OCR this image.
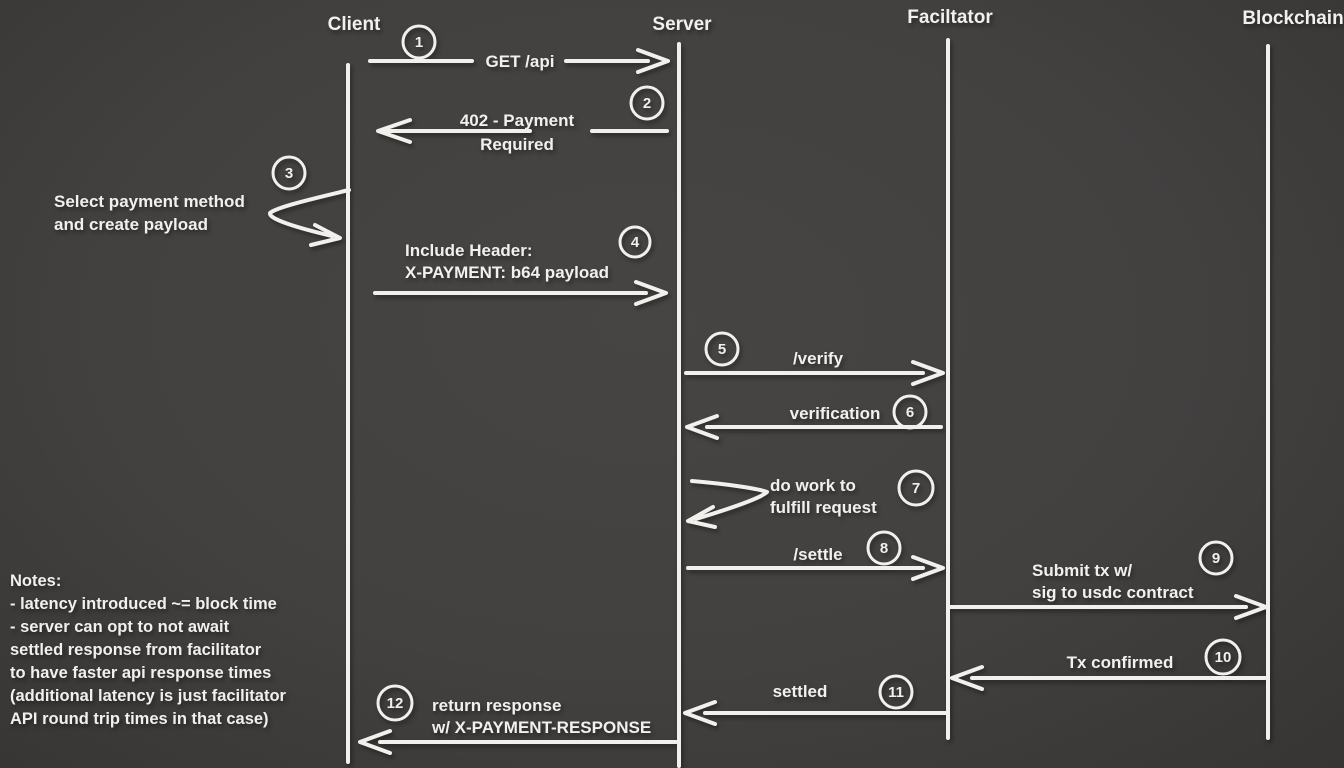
Client	Server	Faciltator	Blockchain
1
GET /api
2
402 - Payment
Required
3
Select payment method
and create payload
4
Include Header:
X-PAYMENT: b64 payload
5	/verify
verification 6
do work to
fulfill request
7
/settle 8
9
Submit tx w/
sig to usdc contract
Tx confirmed	10
settled	11
12 return response
w/ X-PAYMENT-RESPONSE
Notes:
- latency introduced ~= block time
- server can opt to not await
settled response from facilitator
to have faster api response times
(additional latency is just facilitator
API round trip times in that case)
